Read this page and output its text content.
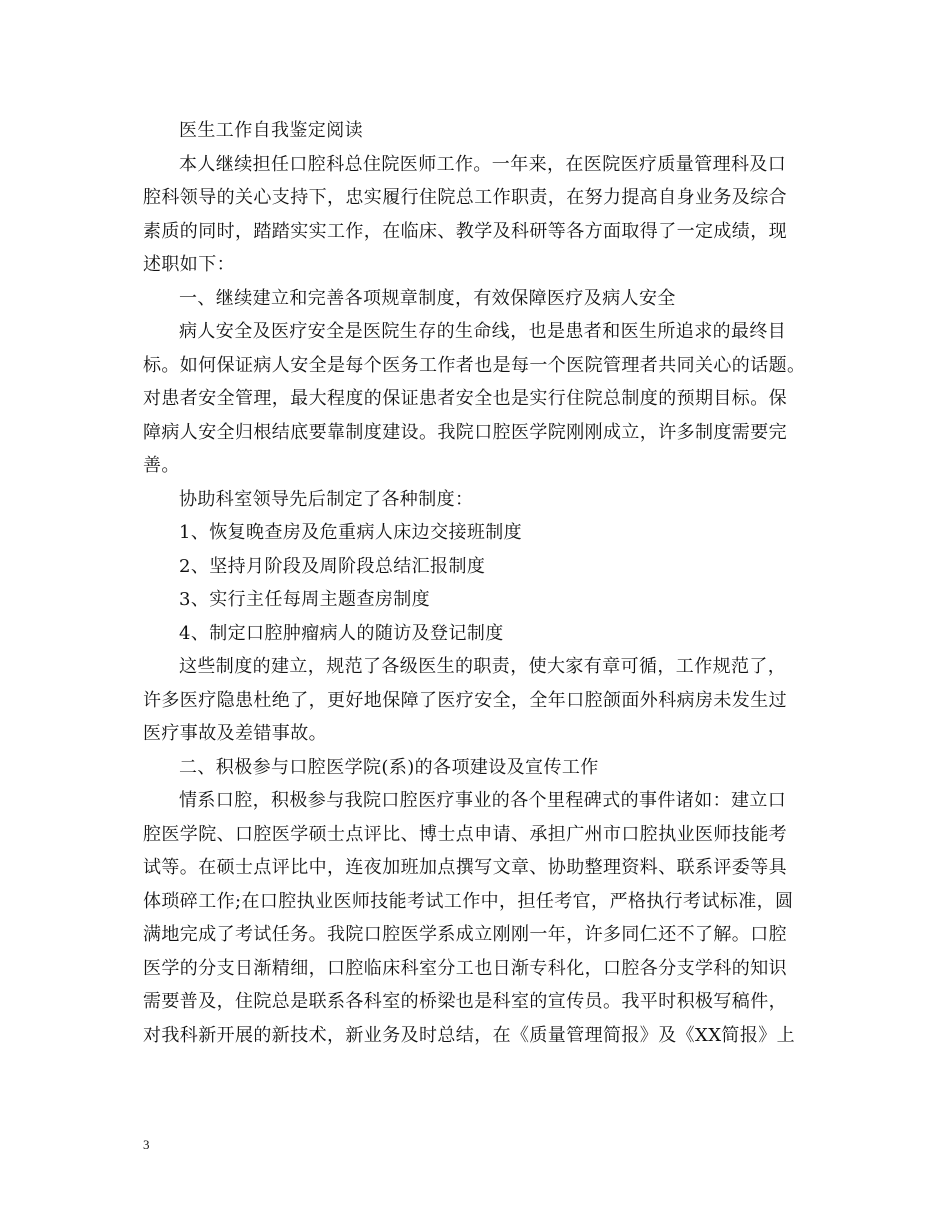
医生工作自我鉴定阅读
本人继续担任口腔科总住院医师工作。一年来，在医院医疗质量管理科及口
腔科领导的关心支持下，忠实履行住院总工作职责，在努力提高自身业务及综合
素质的同时，踏踏实实工作，在临床、教学及科研等各方面取得了一定成绩，现
述职如下：
一、继续建立和完善各项规章制度，有效保障医疗及病人安全
病人安全及医疗安全是医院生存的生命线，也是患者和医生所追求的最终目
标。如何保证病人安全是每个医务工作者也是每一个医院管理者共同关心的话题。
对患者安全管理，最大程度的保证患者安全也是实行住院总制度的预期目标。保
障病人安全归根结底要靠制度建设。我院口腔医学院刚刚成立，许多制度需要完
善。
协助科室领导先后制定了各种制度：
1、恢复晚查房及危重病人床边交接班制度
2、坚持月阶段及周阶段总结汇报制度
3、实行主任每周主题查房制度
4、制定口腔肿瘤病人的随访及登记制度
这些制度的建立，规范了各级医生的职责，使大家有章可循，工作规范了，
许多医疗隐患杜绝了，更好地保障了医疗安全，全年口腔颌面外科病房未发生过
医疗事故及差错事故。
二、积极参与口腔医学院(系)的各项建设及宣传工作
情系口腔，积极参与我院口腔医疗事业的各个里程碑式的事件诸如：建立口
腔医学院、口腔医学硕士点评比、博士点申请、承担广州市口腔执业医师技能考
试等。在硕士点评比中，连夜加班加点撰写文章、协助整理资料、联系评委等具
体琐碎工作;在口腔执业医师技能考试工作中，担任考官，严格执行考试标准，圆
满地完成了考试任务。我院口腔医学系成立刚刚一年，许多同仁还不了解。口腔
医学的分支日渐精细，口腔临床科室分工也日渐专科化，口腔各分支学科的知识
需要普及，住院总是联系各科室的桥梁也是科室的宣传员。我平时积极写稿件，
对我科新开展的新技术，新业务及时总结，在《质量管理简报》及《XX简报》上
3
